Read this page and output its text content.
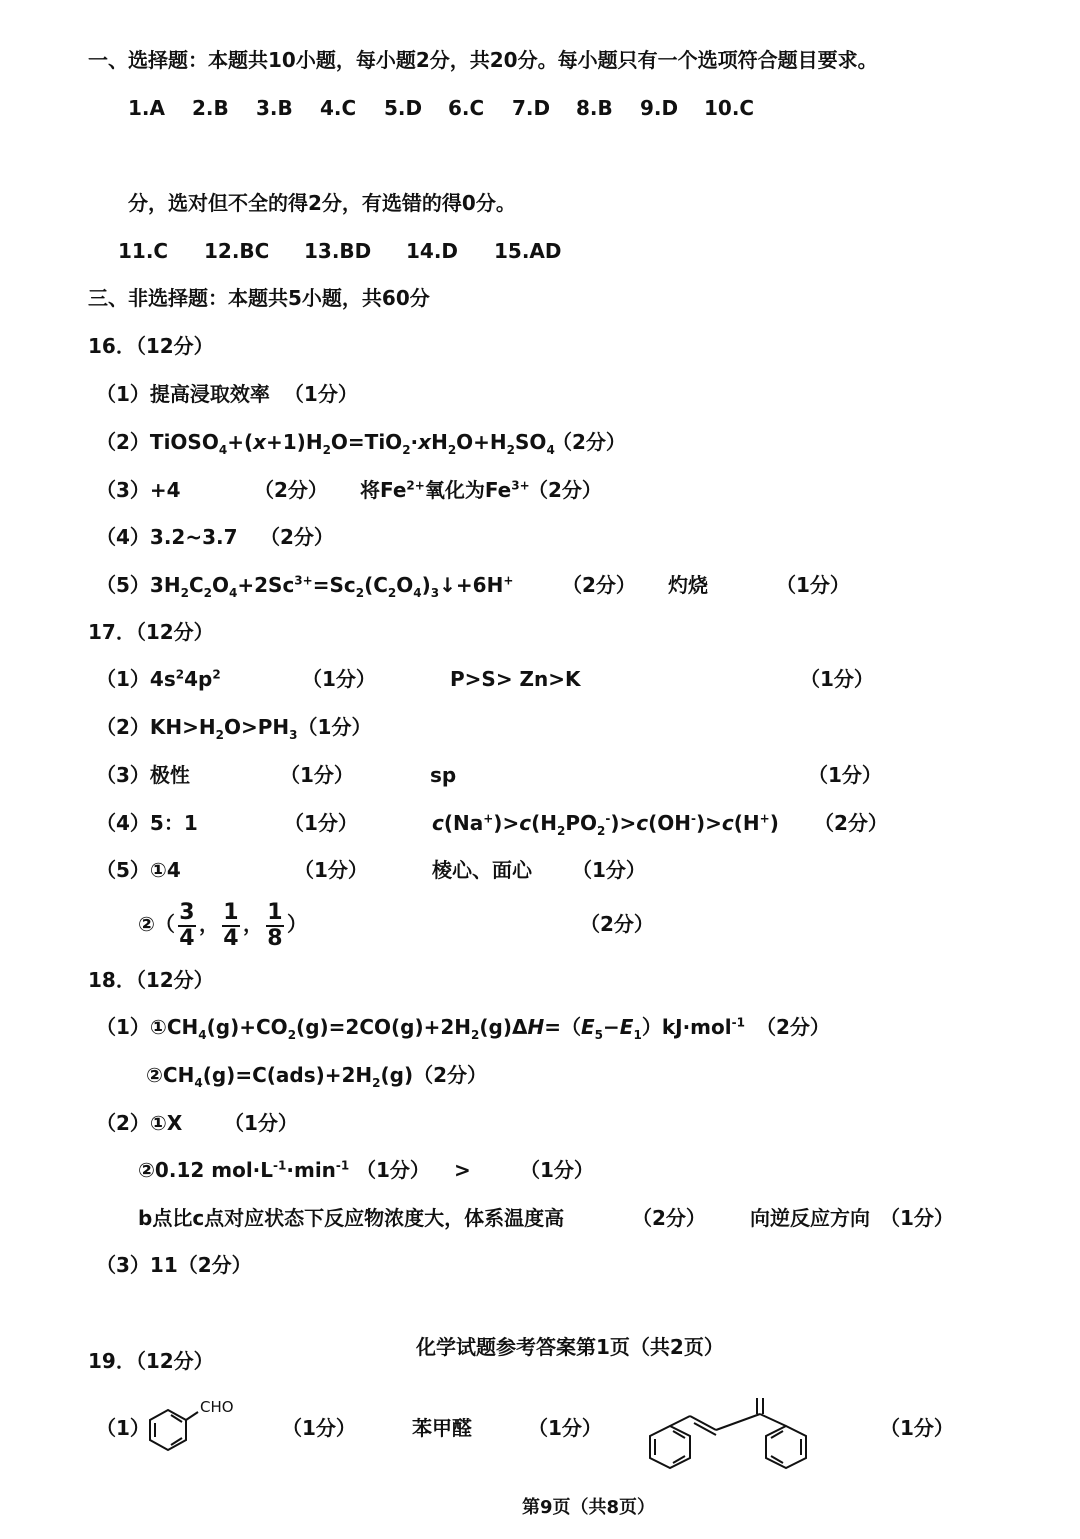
一、选择题：本题共10小题，每小题2分，共20分。每小题只有一个选项符合题目要求。
1.A 2.B 3.B 4.C 5.D 6.C 7.D 8.B 9.D 10.C
分，选对但不全的得2分，有选错的得0分。
11.C 12.BC 13.BD 14.D 15.AD
三、非选择题：本题共5小题，共60分
16．（12分）
（1）提高浸取效率 （1分）
$(2)TiOSO_4+(x+1)H_2O=TiO_2\cdot xH_2O+H_2SO_4$
（2分）
（3）+4	（2分） 将$Fe^{2+}$氧化为$Fe^{3+}$
（2分）
（4）3.2~3.7 （2分）
$(5)3H_2C_2O_4+2Sc^{3+}=Sc_2(C_2O_4)_3↓+6H^+$ （2分） 灼烧	（1分）
17．（12分）
$(1)4s^24p^2$	（1分）	P>S> Zn>K	（1分）
$(2)KH>H_2O>PH_3(1$分）
（3）极性	（1分）	sp	（1分）
（4）5：1	（1分）	$c(Na^+)>c(H_2PO_2^-)>c(OH^-)>c(H^+)$ （2分）
（5）①4	（1分）	棱心、面心 （1分）
②（ $\frac{3}{4}$ ， $\frac{1}{4}$ ， $\frac{1}{8}$ ）	（2分）
18．（12分）
$(1)①CH_4(g)+CO_2(g)=2CO(g)+2H_2(g)$ $\Delta H=(E_5-E_1)kJ\cdot mol^{-1}$ （2分）
$②CH_4(g)=C(ads)+2H_2(g)(2$分）
（2）①X （1分）
②0.12 $mol\cdot L^{-1}\cdot\min^{-1}$ （1分） > （1分）
b点比c点对应状态下反应物浓度大，体系温度高	（2分） 向逆反应方向 （1分）
（3）11（2分）
化学试题参考答案第1页（共2页）
19．（12分）
（1）
CHO
（1分）	苯甲醛	（1分）	（1分）
第9页（共8页）
